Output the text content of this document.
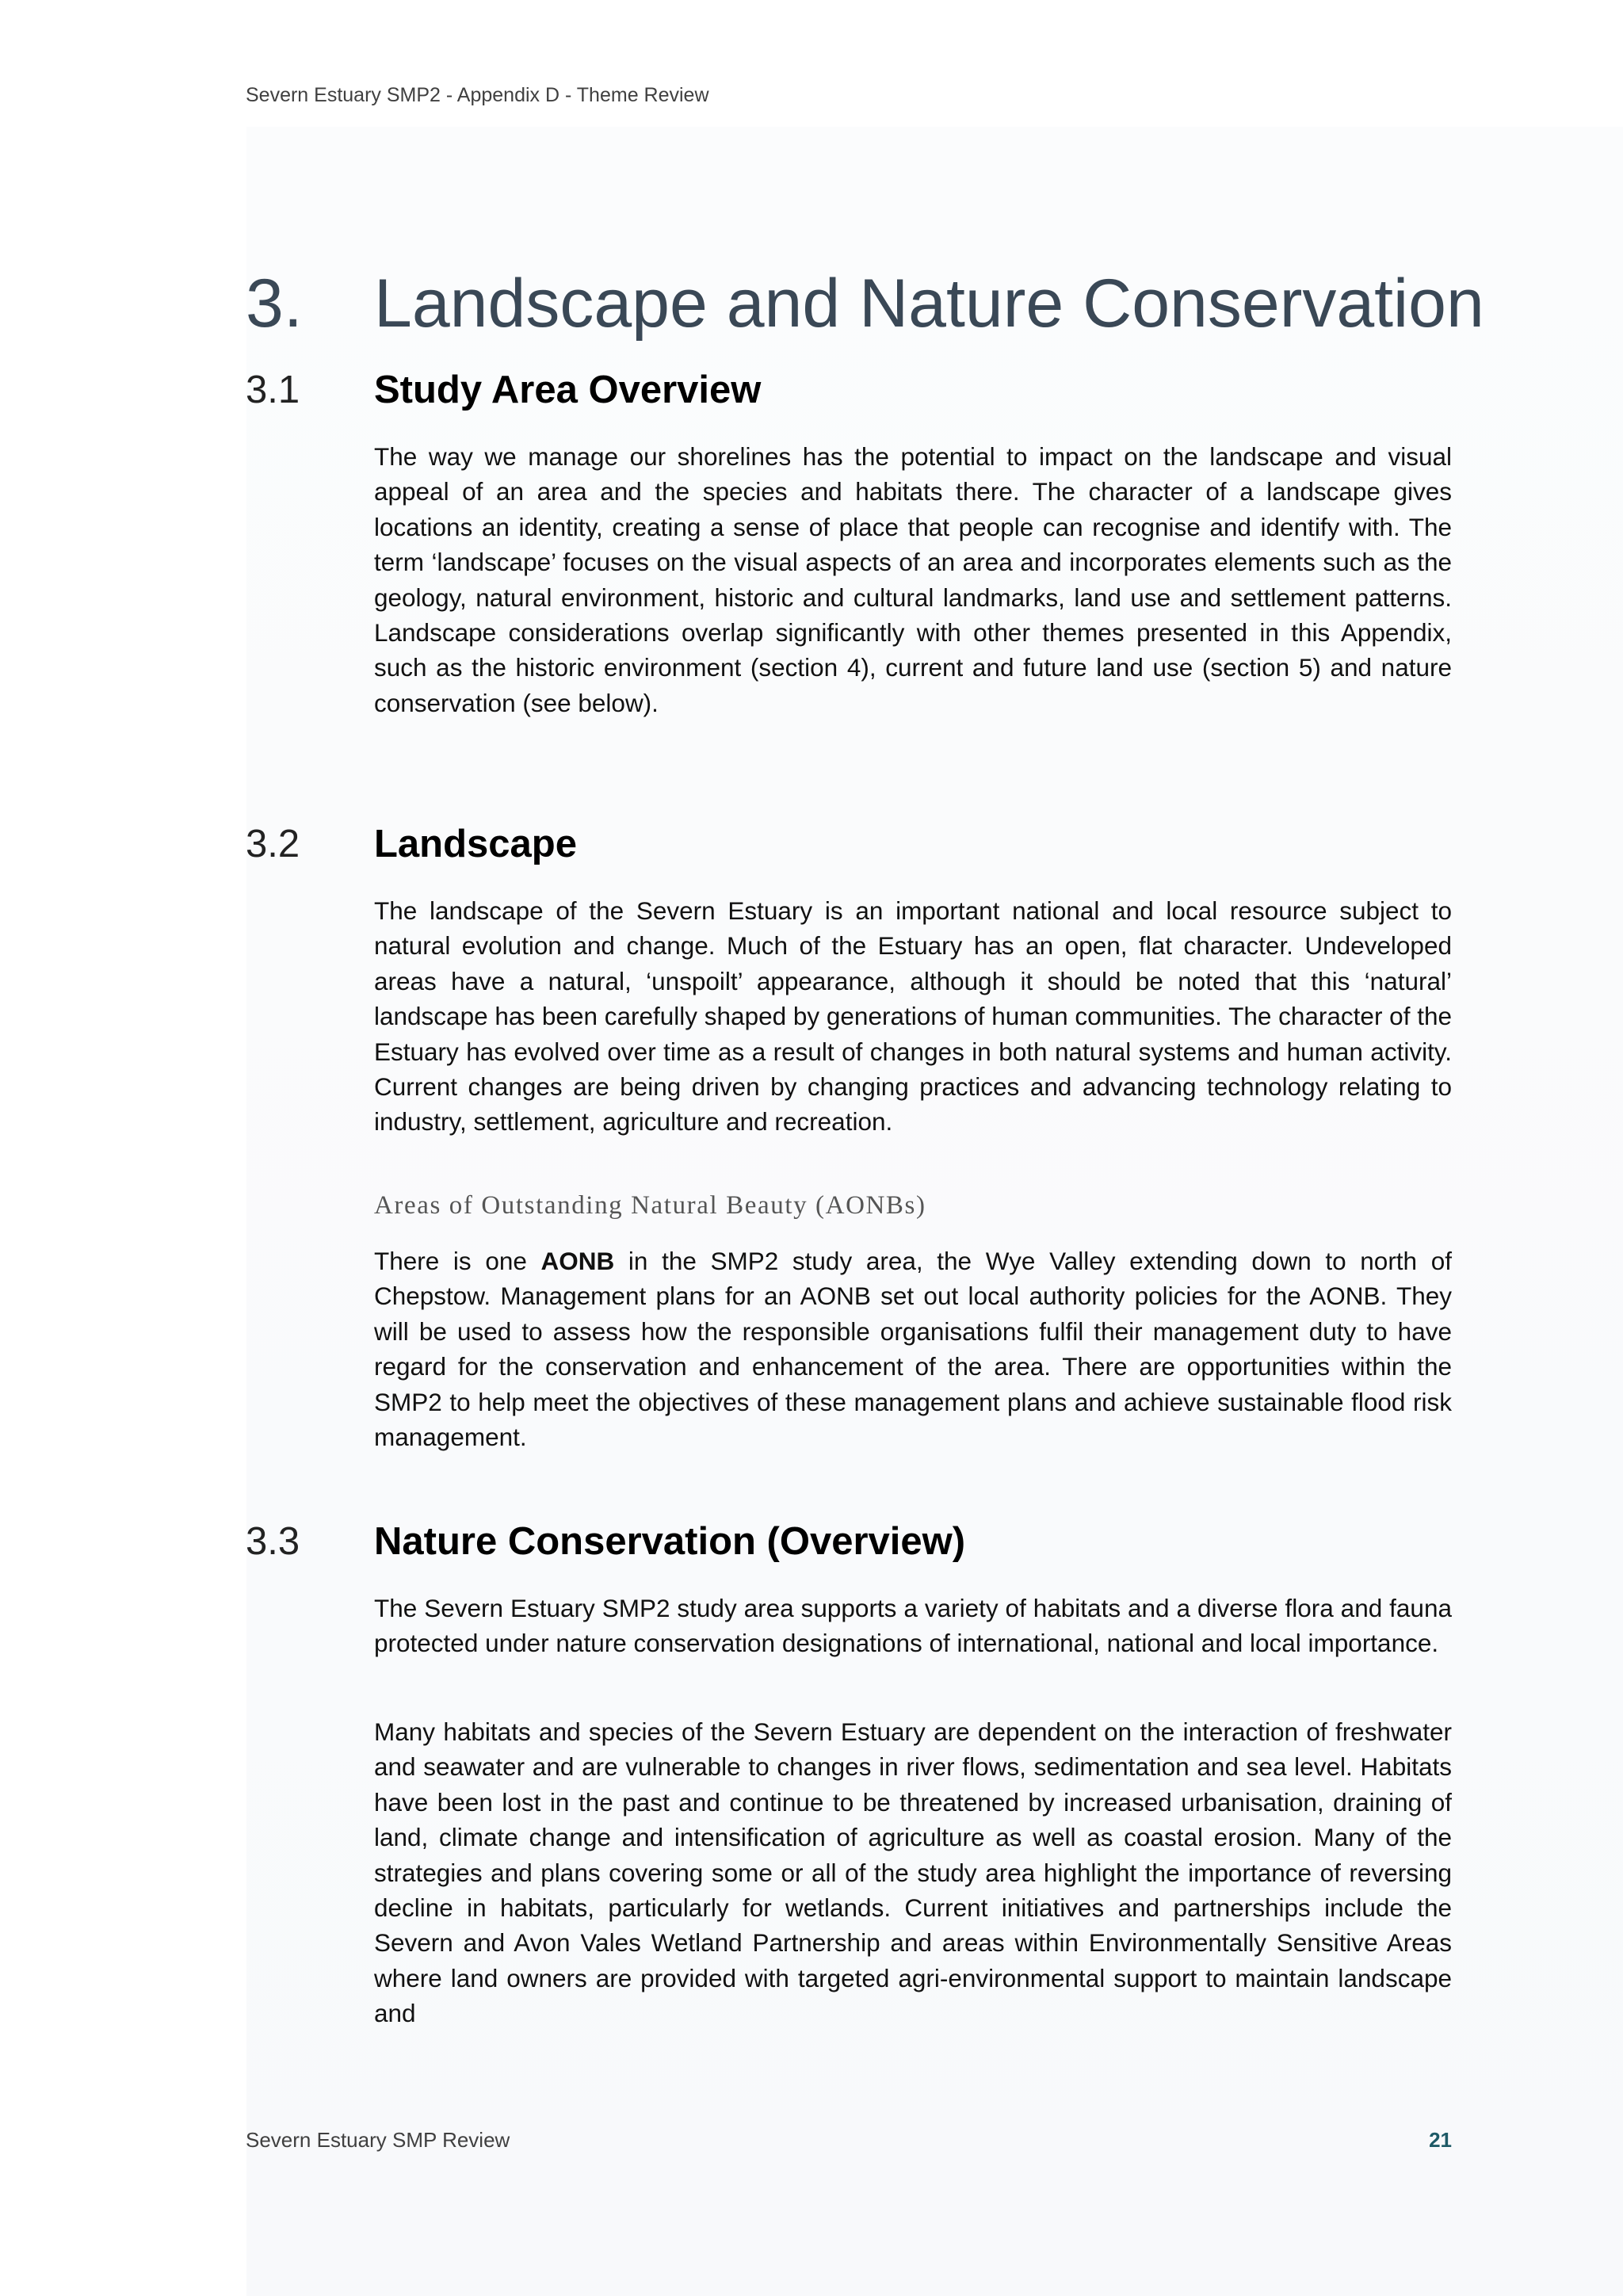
Severn Estuary SMP2 - Appendix D - Theme Review
3. Landscape and Nature Conservation
3.1 Study Area Overview

The way we manage our shorelines has the potential to impact on the landscape and visual appeal of an area and the species and habitats there. The character of a landscape gives locations an identity, creating a sense of place that people can recognise and identify with. The term ‘landscape’ focuses on the visual aspects of an area and incorporates elements such as the geology, natural environment, historic and cultural landmarks, land use and settlement patterns. Landscape considerations overlap significantly with other themes presented in this Appendix, such as the historic environment (section 4), current and future land use (section 5) and nature conservation (see below).

3.2 Landscape

The landscape of the Severn Estuary is an important national and local resource subject to natural evolution and change. Much of the Estuary has an open, flat character. Undeveloped areas have a natural, ‘unspoilt’ appearance, although it should be noted that this ‘natural’ landscape has been carefully shaped by generations of human communities. The character of the Estuary has evolved over time as a result of changes in both natural systems and human activity. Current changes are being driven by changing practices and advancing technology relating to industry, settlement, agriculture and recreation.

Areas of Outstanding Natural Beauty (AONBs)

There is one AONB in the SMP2 study area, the Wye Valley extending down to north of Chepstow. Management plans for an AONB set out local authority policies for the AONB. They will be used to assess how the responsible organisations fulfil their management duty to have regard for the conservation and enhancement of the area. There are opportunities within the SMP2 to help meet the objectives of these management plans and achieve sustainable flood risk management.

3.3 Nature Conservation (Overview)

The Severn Estuary SMP2 study area supports a variety of habitats and a diverse flora and fauna protected under nature conservation designations of international, national and local importance.

Many habitats and species of the Severn Estuary are dependent on the interaction of freshwater and seawater and are vulnerable to changes in river flows, sedimentation and sea level. Habitats have been lost in the past and continue to be threatened by increased urbanisation, draining of land, climate change and intensification of agriculture as well as coastal erosion. Many of the strategies and plans covering some or all of the study area highlight the importance of reversing decline in habitats, particularly for wetlands. Current initiatives and partnerships include the Severn and Avon Vales Wetland Partnership and areas within Environmentally Sensitive Areas where land owners are provided with targeted agri-environmental support to maintain landscape and

Severn Estuary SMP Review	21
